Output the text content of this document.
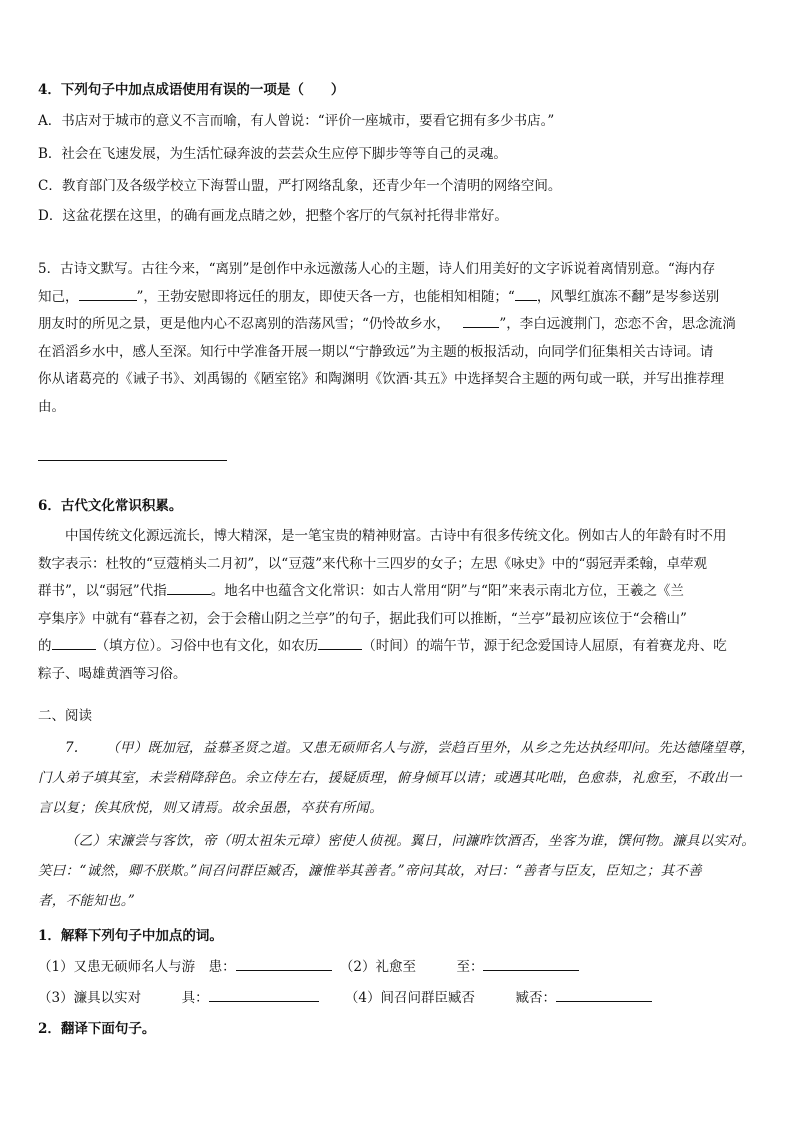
4．下列句子中加点成语使用有误的一项是（　　）
A．书店对于城市的意义不言而喻，有人曾说：“评价一座城市，要看它拥有多少书店。”
B．社会在飞速发展，为生活忙碌奔波的芸芸众生应停下脚步等等自己的灵魂。
C．教育部门及各级学校立下海誓山盟，严打网络乱象，还青少年一个清明的网络空间。
D．这盆花摆在这里，的确有画龙点睛之妙，把整个客厅的气氛衬托得非常好。
5．古诗文默写。古往今来，“离别”是创作中永远激荡人心的主题，诗人们用美好的文字诉说着离情别意。“海内存
知己，	”，王勃安慰即将远任的朋友，即使天各一方，也能相知相随；“ ，风掣红旗冻不翻”是岑参送别
朋友时的所见之景，更是他内心不忍离别的浩荡风雪；“仍怜故乡水， 	”，李白远渡荆门，恋恋不舍，思念流淌
在滔滔乡水中，感人至深。知行中学准备开展一期以“宁静致远”为主题的板报活动，向同学们征集相关古诗词。请
你从诸葛亮的《诫子书》、刘禹锡的《陋室铭》和陶渊明《饮酒·其五》中选择契合主题的两句或一联，并写出推荐理
由。
6．古代文化常识积累。
中国传统文化源远流长，博大精深，是一笔宝贵的精神财富。古诗中有很多传统文化。例如古人的年龄有时不用
数字表示：杜牧的“豆蔻梢头二月初”，以“豆蔻”来代称十三四岁的女子；左思《咏史》中的“弱冠弄柔翰，卓荦观
群书”，以“弱冠”代指	。地名中也蕴含文化常识：如古人常用“阴”与“阳”来表示南北方位，王羲之《兰
亭集序》中就有“暮春之初，会于会稽山阴之兰亭”的句子，据此我们可以推断，“兰亭”最初应该位于“会稽山”
的	（填方位）。习俗中也有文化，如农历	（时间）的端午节，源于纪念爱国诗人屈原，有着赛龙舟、吃
粽子、喝雄黄酒等习俗。
二、阅读
7.   （甲）既加冠，益慕圣贤之道。又患无硕师名人与游，尝趋百里外，从乡之先达执经叩问。先达德隆望尊，
门人弟子填其室，未尝稍降辞色。余立侍左右，援疑质理，俯身倾耳以请；或遇其叱咄，色愈恭，礼愈至，不敢出一
言以复；俟其欣悦，则又请焉。故余虽愚，卒获有所闻。
（乙）宋濂尝与客饮，帝（明太祖朱元璋）密使人侦视。翼日，问濂昨饮酒否，坐客为谁，馔何物。濂具以实对。
笑曰：“诚然，卿不朕欺。”间召问群臣臧否，濂惟举其善者。”帝问其故，对曰：“善者与臣友，臣知之；其不善
者，不能知也。”
1．解释下列句子中加点的词。
（1）又患无硕师名人与游　患：	（2）礼愈至　　　至：
（3）濂具以实对　　　具：	（4）间召问群臣臧否　　　臧否：
2．翻译下面句子。
